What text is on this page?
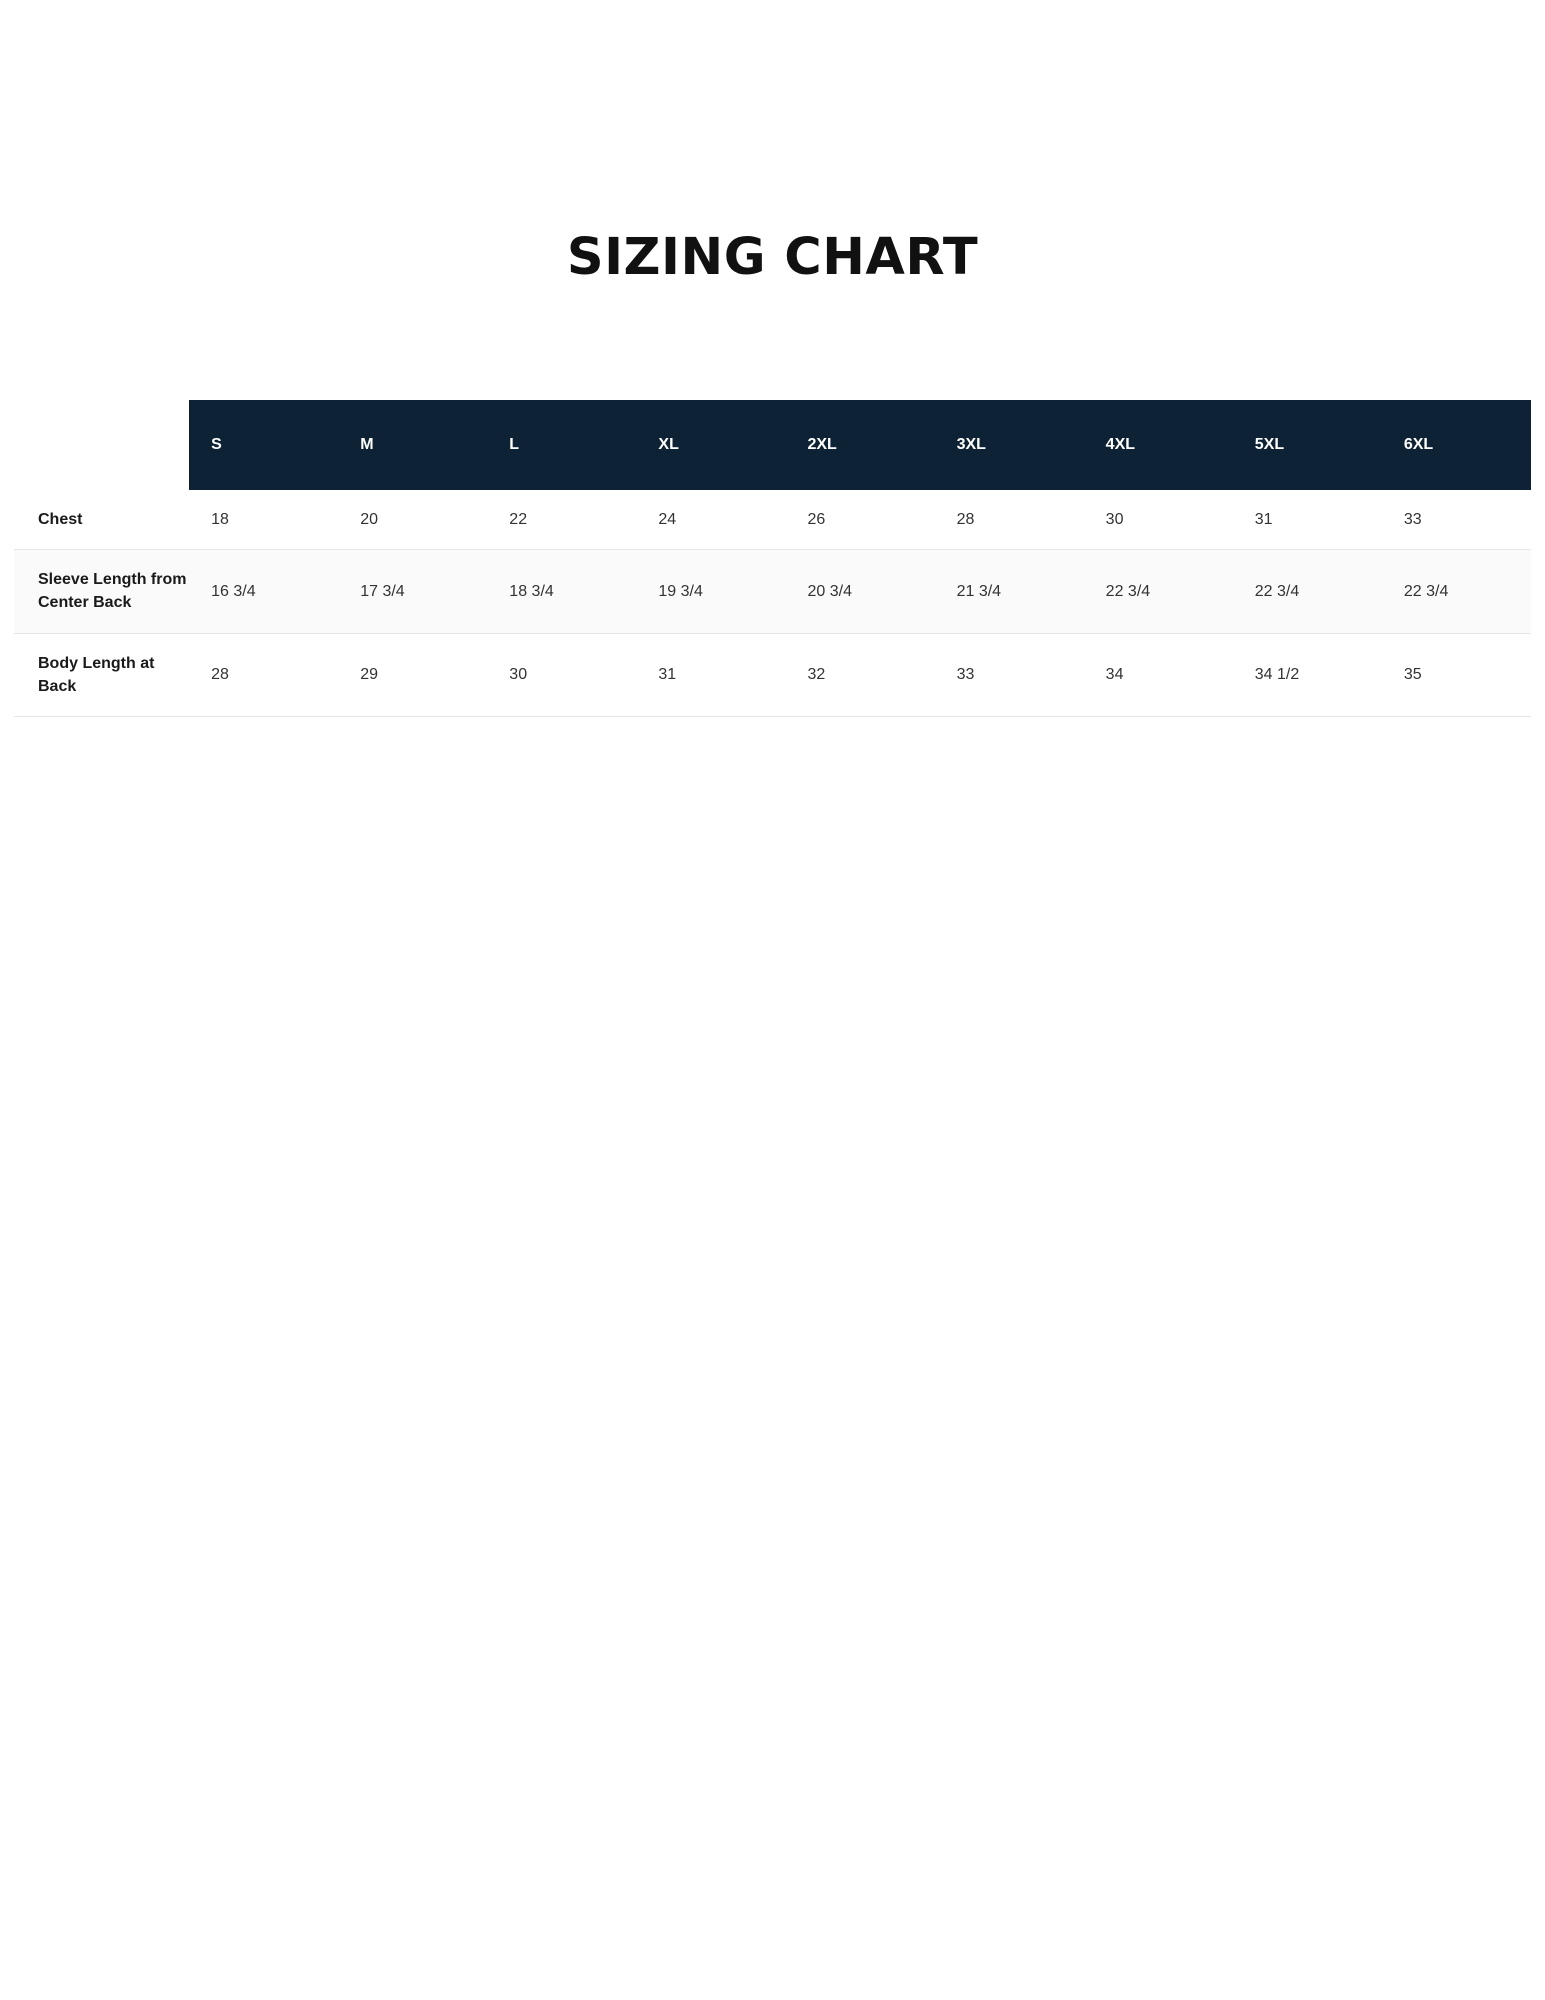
SIZING CHART
	S	M	L	XL	2XL	3XL	4XL	5XL	6XL
Chest	18	20	22	24	26	28	30	31	33
Sleeve Length from Center Back	16 3/4	17 3/4	18 3/4	19 3/4	20 3/4	21 3/4	22 3/4	22 3/4	22 3/4
Body Length at Back	28	29	30	31	32	33	34	34 1/2	35
